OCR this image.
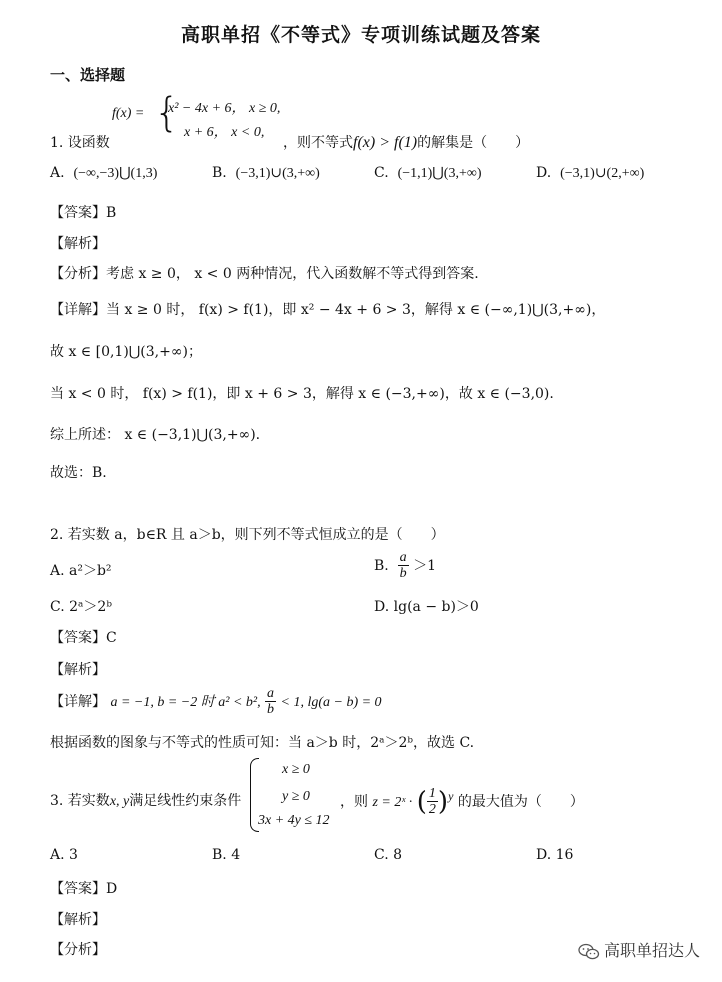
高职单招《不等式》专项训练试题及答案
一、选择题
f(x) = {
x² − 4x + 6， x ≥ 0,
x + 6， x < 0,
1. 设函数	，则不等式f(x) > f(1)的解集是（　　）
A. (−∞,−3)⋃(1,3)	B. (−3,1)∪(3,+∞)	C. (−1,1)⋃(3,+∞)	D. (−3,1)∪(2,+∞)
【答案】B
【解析】
【分析】考虑 x ≥ 0， x < 0 两种情况，代入函数解不等式得到答案.
【详解】当 x ≥ 0 时， f(x) > f(1)，即 x² − 4x + 6 > 3，解得 x ∈ (−∞,1)⋃(3,+∞)，
故 x ∈ [0,1)⋃(3,+∞)；
当 x < 0 时， f(x) > f(1)，即 x + 6 > 3，解得 x ∈ (−3,+∞)，故 x ∈ (−3,0).
综上所述： x ∈ (−3,1)⋃(3,+∞).
故选：B.
2. 若实数 a，b∈R 且 a＞b，则下列不等式恒成立的是（　　）
A. a²＞b²	B. $\frac{a}{b} >1$
C. 2ᵃ＞2ᵇ	D. lg(a − b)＞0
【答案】C
【解析】
【详解】 a = −1, b = −2 时 a² < b², $\frac{a}{b} < 1$, lg(a − b) = 0
根据函数的图象与不等式的性质可知：当 a＞b 时，2ᵃ＞2ᵇ，故选 C.
3. 若实数x, y满足线性约束条件
x ≥ 0
y ≥ 0
3x + 4y ≤ 12
，则 z = 2ˣ · ( $\frac{1}{2} )^y$ 的最大值为（　　）
A. 3	B. 4	C. 8	D. 16
【答案】D
【解析】
【分析】	高职单招达人
